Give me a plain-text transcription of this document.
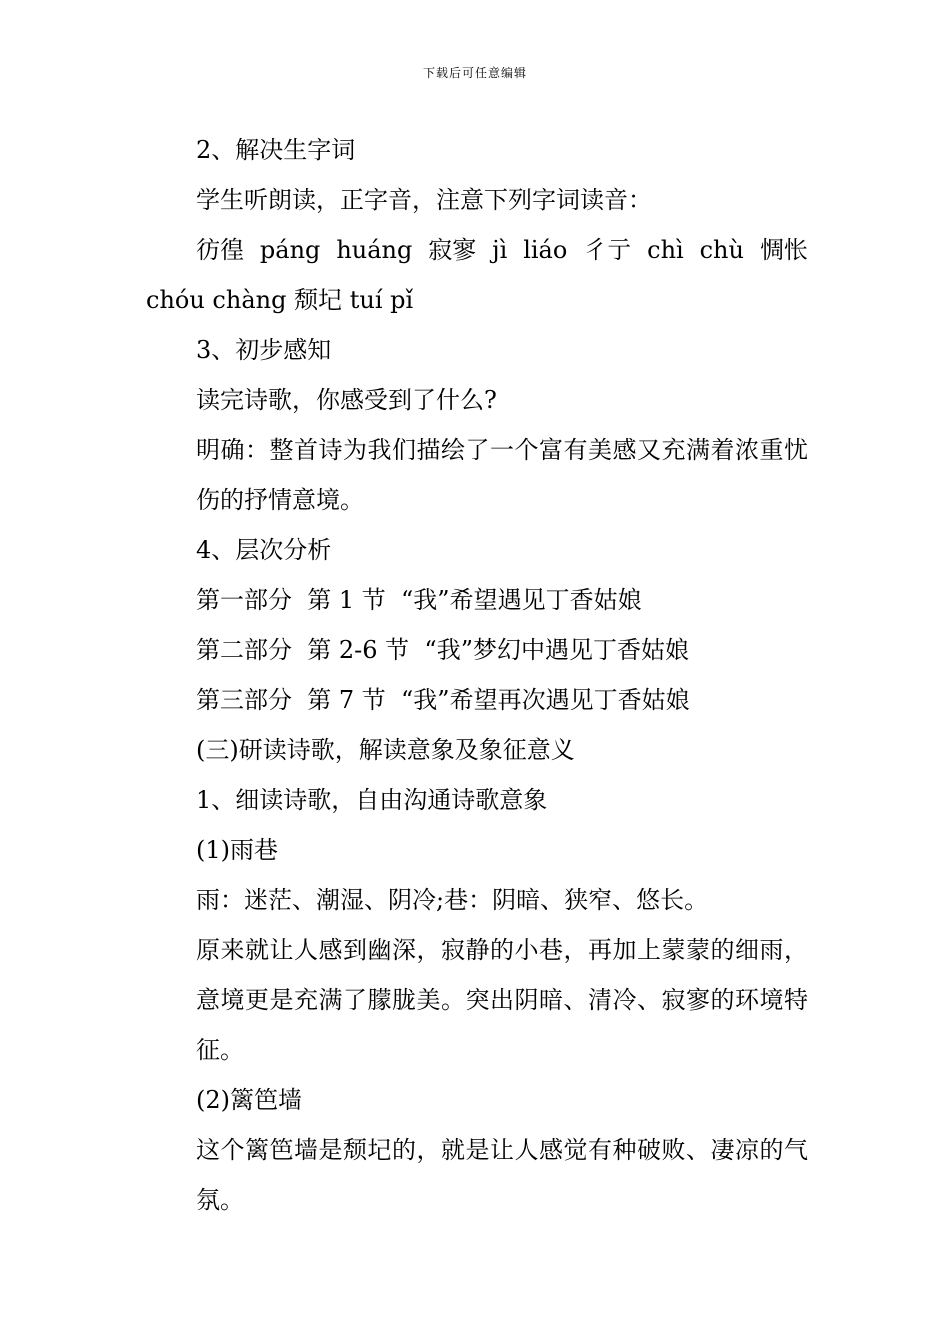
下载后可任意编辑

2、解决生字词

学生听朗读，正字音，注意下列字词读音：

彷徨 páng huáng 寂寥 jì liáo 彳亍 chì chù 惆怅

chóu chàng 颓圮 tuí pǐ

3、初步感知

读完诗歌，你感受到了什么?

明确：整首诗为我们描绘了一个富有美感又充满着浓重忧伤的抒情意境。

4、层次分析

第一部分  第 1 节  “我”希望遇见丁香姑娘

第二部分  第 2-6 节  “我”梦幻中遇见丁香姑娘

第三部分  第 7 节  “我”希望再次遇见丁香姑娘

(三)研读诗歌，解读意象及象征意义

1、细读诗歌，自由沟通诗歌意象

(1)雨巷

雨：迷茫、潮湿、阴冷;巷：阴暗、狭窄、悠长。

原来就让人感到幽深，寂静的小巷，再加上蒙蒙的细雨，意境更是充满了朦胧美。突出阴暗、清冷、寂寥的环境特征。

(2)篱笆墙

这个篱笆墙是颓圮的，就是让人感觉有种破败、凄凉的气氛。
